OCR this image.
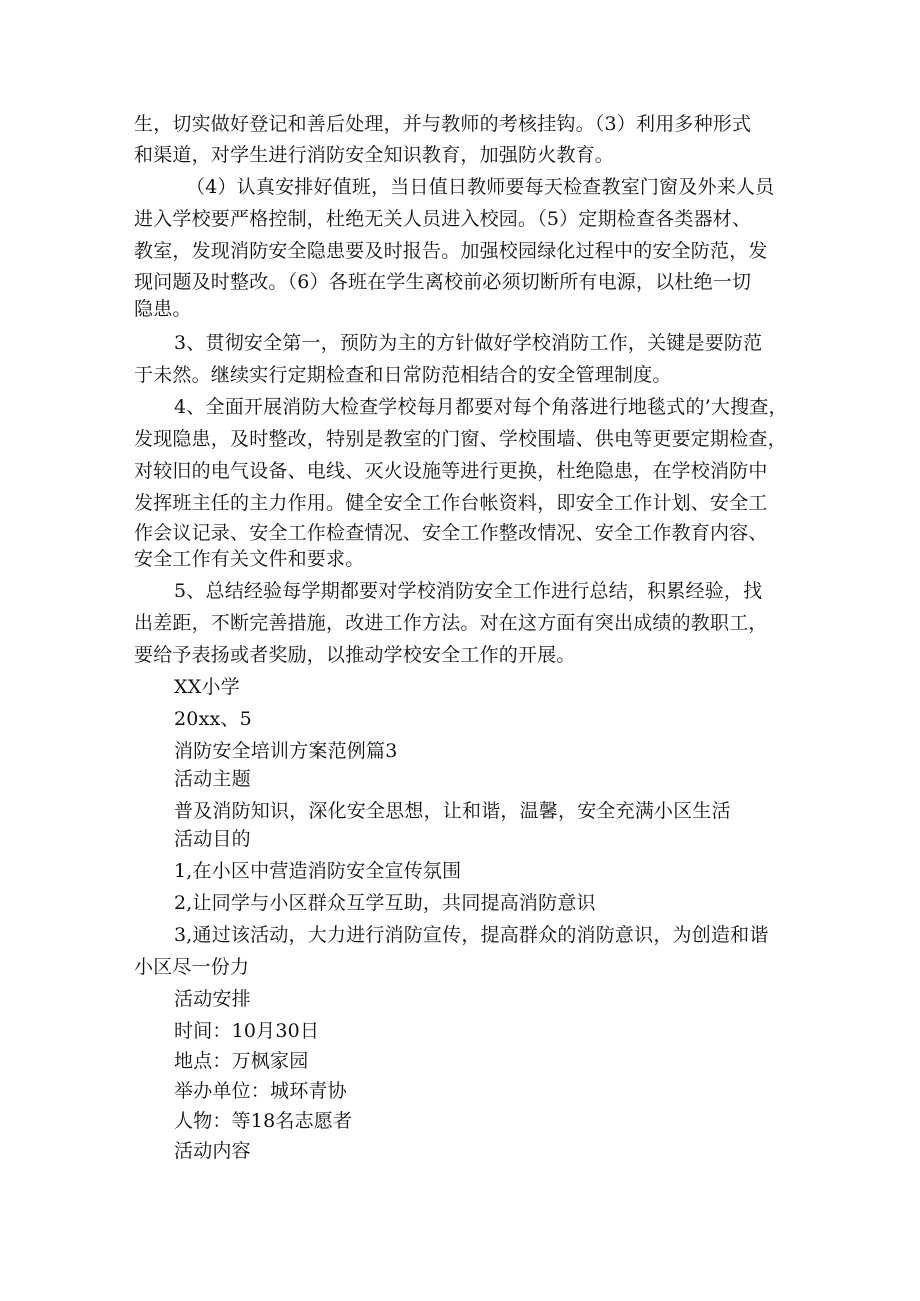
生，切实做好登记和善后处理，并与教师的考核挂钩。（3）利用多种形式
和渠道，对学生进行消防安全知识教育，加强防火教育。
（4）认真安排好值班，当日值日教师要每天检查教室门窗及外来人员
进入学校要严格控制，杜绝无关人员进入校园。（5）定期检查各类器材、
教室，发现消防安全隐患要及时报告。加强校园绿化过程中的安全防范，发
现问题及时整改。（6）各班在学生离校前必须切断所有电源，以杜绝一切
隐患。
3、贯彻安全第一，预防为主的方针做好学校消防工作，关键是要防范
于未然。继续实行定期检查和日常防范相结合的安全管理制度。
4、全面开展消防大检查学校每月都要对每个角落进行地毯式的’大搜查，
发现隐患，及时整改，特别是教室的门窗、学校围墙、供电等更要定期检查，
对较旧的电气设备、电线、灭火设施等进行更换，杜绝隐患，在学校消防中
发挥班主任的主力作用。健全安全工作台帐资料，即安全工作计划、安全工
作会议记录、安全工作检查情况、安全工作整改情况、安全工作教育内容、
安全工作有关文件和要求。
5、总结经验每学期都要对学校消防安全工作进行总结，积累经验，找
出差距，不断完善措施，改进工作方法。对在这方面有突出成绩的教职工，
要给予表扬或者奖励，以推动学校安全工作的开展。
XX小学
20xx、5
消防安全培训方案范例篇3
活动主题
普及消防知识，深化安全思想，让和谐，温馨，安全充满小区生活
活动目的
1,在小区中营造消防安全宣传氛围
2,让同学与小区群众互学互助，共同提高消防意识
3,通过该活动，大力进行消防宣传，提高群众的消防意识，为创造和谐
小区尽一份力
活动安排
时间：10月30日
地点：万枫家园
举办单位：城环青协
人物：等18名志愿者
活动内容
